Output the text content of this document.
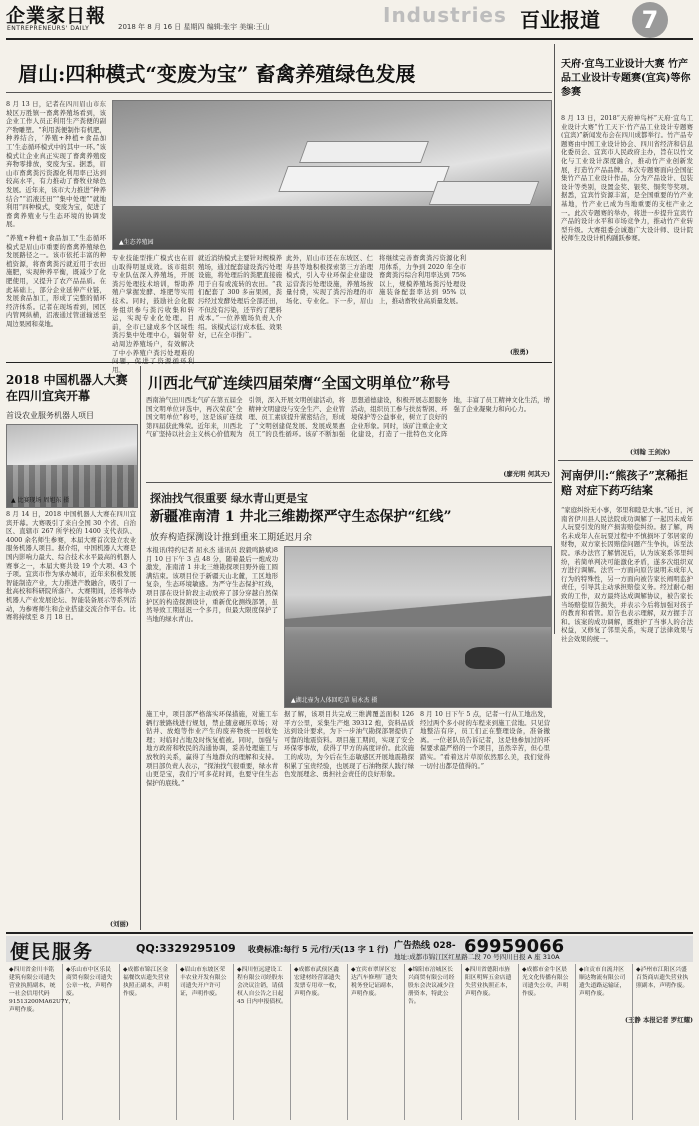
企業家日報
ENTREPRENEURS' DAILY	2018 年 8 月 16 日 星期四 编辑:张宇 美编:王山	Industries 百业报道	7
眉山:四种模式“变废为宝” 畜禽养殖绿色发展
8 月 13 日，记者在四川眉山市东坡区万胜镇一畜禽养殖场看到，该企业工作人员正利用生产粪便的副产物雕塑。“利用粪便制作有机肥，种养结合，‘养殖+种植+食品加工’生态循环模式中的其中一环。”该模式让企业真正实现了畜禽养殖废弃物零排放，变废为宝。据悉，眉山市畜禽粪污资源化利用率已达到较高水平，有力推动了畜牧业绿色发展。近年来，该市大力推进“种养结合”“沼液还田”“集中处理”“就地利用”四种模式，变废为宝，促进了畜禽养殖业与生态环境的协调发展。
“养殖+种植+食品加工”生态循环模式是眉山市重要的畜禽养殖绿色发展路径之一。该市依托丰富的种植资源，将畜禽粪污就近用于农田施肥，实现种养平衡，既减少了化肥使用，又提升了农产品品质。在此基础上，部分企业延伸产业链，发展食品加工，形成了完整的循环经济体系。记者在现场看到，园区内管网纵横，沼液通过管道输送至周边果园和菜地。
▲生态养殖园
专业技能型推广模式也在眉山取得明显成效。该市组织专业队伍深入养殖场，开展粪污处理技术培训，帮助养殖户掌握发酵、堆肥等实用技术。同时，鼓励社会化服务组织参与粪污收集和转运，实现专业化处理。目前，全市已建成多个区域性粪污集中处理中心，辐射带动周边养殖场户，有效解决了中小养殖户粪污处理难的 用。
就近消纳模式主要针对规模养殖场，通过配套建设粪污处理设施，将处理后的粪肥直接施用于自有或流转的农田。“我们配套了 300 多亩果园，粪污经过发酵处理后全部还田，不但没有污染，还节约了肥料成本。”一位养殖场负责人介绍。该模式运行成本低、效果好，已在全市推广。
此外，眉山市还在东坡区、仁寿县等地积极探索第三方治理模式，引入专业环保企业建设运营粪污处理设施，养殖场按量付费，实现了粪污治理的市场化、专业化。下一步，眉山将继续完善畜禽粪污资源化利用体系，力争到 2020 年全市畜禽粪污综合利用率达到 75% 以上，规模养殖场粪污处理设施装备配套率达到 95% 以上，推动畜牧业高质量发展。
(殷勇)
天府·宜鸟工业设计大赛 竹产品工业设计专题赛(宜宾)等你参赛
8 月 13 日，2018“天府神鸟杯”天府·宜鸟工业设计大赛“竹工天下·竹产品工业设计专题赛(宜宾)”新闻发布会在四川成都举行。竹产品专题赛由中国工业设计协会、四川省经济和信息化委员会、宜宾市人民政府主办，旨在以竹文化与工业设计深度融合，推动竹产业创新发展，打造竹产品品牌。本次专题赛面向全国征集竹产品工业设计作品，分为产品设计、包装设计等类别，设置金奖、银奖、铜奖等奖项。据悉，宜宾竹资源丰富，是全国重要的竹产业基地，竹产业已成为当地重要的支柱产业之一。此次专题赛的举办，将进一步提升宜宾竹产品的设计水平和市场竞争力，推动竹产业转型升级。大赛组委会诚邀广大设计师、设计院校师生及设计机构踊跃参赛。
(刘翰 王剑冰)
河南伊川:“熊孩子”烹稀拒赔 对症下药巧结案
“家庭纠纷无小事，邻里和睦是大事。”近日，河南省伊川县人民法院成功调解了一起因未成年人玩耍引发的财产损害赔偿纠纷。据了解，两名未成年人在玩耍过程中不慎损坏了邻居家的财物，双方家长因赔偿问题产生争执，诉至法院。承办法官了解情况后，认为该案系邻里纠纷，若简单判决可能激化矛盾，遂多次组织双方进行调解。法官一方面向原告说明未成年人行为的特殊性，另一方面向被告家长阐明监护责任，引导其主动承担赔偿义务。经过耐心细致的工作，双方最终达成调解协议，被告家长当场赔偿原告损失，并表示今后将加强对孩子的教育和看管。原告也表示理解，双方握手言和。该案的成功调解，既维护了当事人的合法权益，又修复了邻里关系，实现了法律效果与社会效果的统一。
(王静 本报记者 罗红耀)
2018 中国机器人大赛在四川宜宾开幕
首设农业服务机器人项目
▲ 比赛现场 周旭东 摄
8 月 14 日，2018 中国机器人大赛在四川宜宾开幕。大赛吸引了来自全国 30 个省、自治区、直辖市 267 所学校的 1400 支代表队、4000 余名师生参赛，本届大赛首次设立农业服务机器人项目。据介绍，中国机器人大赛是国内影响力最大、综合技术水平最高的机器人赛事之一，本届大赛共设 19 个大项、43 个子项。宜宾市作为承办城市，近年来积极发展智能制造产业，大力推进产教融合，吸引了一批高校和科研院所落户。大赛期间，还将举办机器人产业发展论坛、智能装备展示等系列活动，为参赛师生和企业搭建交流合作平台。比赛将持续至 8 月 18 日。
(刘丽)
川西北气矿连续四届荣膺“全国文明单位”称号
西南油气田川西北气矿在第五届全国文明单位评选中，再次荣获“全国文明单位”称号，这是该矿连续第四届获此殊荣。近年来，川西北气矿坚持以社会主义核心价值观为引领，深入开展文明创建活动，将精神文明建设与安全生产、企业管理、员工素质提升紧密结合，形成了“文明创建促发展、发展成果惠员工”的良性循环。该矿不断加强思想道德建设，积极开展志愿服务活动，组织员工参与扶贫帮困、环境保护等公益事业，树立了良好的企业形象。同时，该矿注重企业文化建设，打造了一批特色文化阵地，丰富了员工精神文化生活，增强了企业凝聚力和向心力。
(廖光明 何其天)
探油找气很重要 绿水青山更是宝
新疆准南清 1 井北三维勘探严守生态保护“红线”
放弃构造探测设计推到重来工期延迟月余
本报讯(特约记者 屈永杰 通讯员 段毅鸣路斌)8 月 10 日下午 3 点 48 分，随着最后一炮成功激发，准南清 1 井北三维勘探项目野外施工圆满结束。该项目位于新疆天山北麓，工区地形复杂，生态环境敏感。为严守生态保护红线，项目部在设计阶段主动放弃了部分穿越自然保护区的构造探测设计，重新优化测线部署，虽然导致工期延迟一个多月，但最大限度保护了当地的绿水青山。
▲湖北壶为人体回吃草 屈永杰 摄
施工中，项目部严格落实环保措施，对施工车辆行驶路线进行规划，禁止随意碾压草场；对钻井、放炮等作业产生的废弃物统一回收处理；对临时占地及时恢复植被。同时，加强与地方政府和牧民的沟通协调，妥善处理施工与放牧的关系，赢得了当地群众的理解和支持。项目部负责人表示，“探油找气很重要，绿水青山更是宝，我们宁可多花时间，也要守住生态保护的底线。”
据了解，该项目共完成三维满覆盖面积 126 平方公里，采集生产炮 39312 炮，资料品质达到设计要求，为下一步油气勘探部署提供了可靠的地震资料。项目施工期间，实现了安全环保零事故，获得了甲方的高度评价。此次施工的成功，为今后在生态敏感区开展地震勘探积累了宝贵经验，也展现了石油物探人践行绿色发展理念、勇担社会责任的良好形象。
8 月 10 日下午 5 点，记者一行从工地出发，经过两个多小时的车程来到施工营地。只见营地整洁有序，员工们正在整理设备，准备撤离。一位老队员告诉记者，这是他参加过的环保要求最严格的一个项目，虽然辛苦，但心里踏实。“看着这片草原依然那么美，我们觉得一切付出都是值得的。”
便民服务	QQ:3329295109 收费标准:每行 5 元/行/天(13 字 1 行) 广告热线 028- 69959066
地址:成都市锦江区红星路二段 70 号四川日报 A 座 310A
◆四川省金川丰铭建筑有限公司遗失营业执照副本，统一社会信用代码 91513200MA62U7Y，声明作废。
◆乐山市中区乐民商贸有限公司遗失公章一枚，声明作废。
◆成都市锦江区金福餐饮店遗失营业执照正副本，声明作废。
◆眉山市东坡区荣丰农业开发有限公司遗失开户许可证，声明作废。
◆四川恒远建设工程有限公司经股东会决议注销，请债权人自公告之日起 45 日内申报债权。
◆成都市武侯区鑫宏建材经营部遗失发票专用章一枚，声明作废。
◆宜宾市翠屏区宏达汽车修理厂遗失税务登记证副本，声明作废。
◆绵阳市涪城区长兴商贸有限公司经股东会决议减少注册资本，特此公告。
◆四川省德阳市旌阳区明辉五金店遗失营业执照正本，声明作废。
◆成都市金牛区晨光文化传播有限公司遗失公章，声明作废。
◆自贡市自流井区顺达物流有限公司遗失道路运输证，声明作废。
◆泸州市江阳区兴盛百货商店遗失营业执照副本，声明作废。
